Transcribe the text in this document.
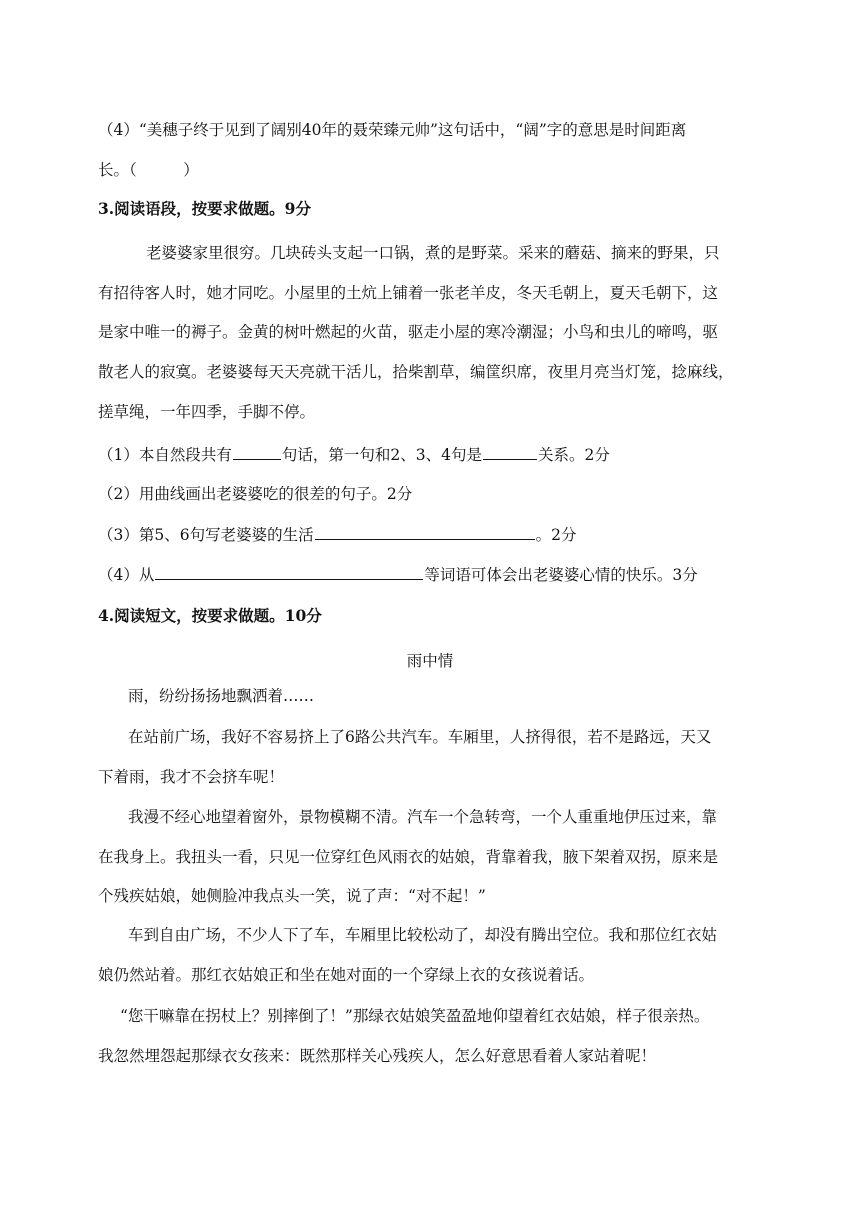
（4）“美穗子终于见到了阔别40年的聂荣臻元帅”这句话中，“阔”字的意思是时间距离
长。（　　　）
3.阅读语段，按要求做题。9分
老婆婆家里很穷。几块砖头支起一口锅，煮的是野菜。采来的蘑菇、摘来的野果，只
有招待客人时，她才同吃。小屋里的土炕上铺着一张老羊皮，冬天毛朝上，夏天毛朝下，这
是家中唯一的褥子。金黄的树叶燃起的火苗，驱走小屋的寒冷潮湿；小鸟和虫儿的啼鸣，驱
散老人的寂寞。老婆婆每天天亮就干活儿，拾柴割草，编筐织席，夜里月亮当灯笼，捻麻线，
搓草绳，一年四季，手脚不停。
（1）本自然段共有	句话，第一句和2、3、4句是	关系。2分
（2）用曲线画出老婆婆吃的很差的句子。2分
（3）第5、6句写老婆婆的生活	。2分
（4）从	等词语可体会出老婆婆心情的快乐。3分
4.阅读短文，按要求做题。10分
雨中情
雨，纷纷扬扬地飘洒着……
在站前广场，我好不容易挤上了6路公共汽车。车厢里，人挤得很，若不是路远，天又
下着雨，我才不会挤车呢！
我漫不经心地望着窗外，景物模糊不清。汽车一个急转弯，一个人重重地伊压过来，靠
在我身上。我扭头一看，只见一位穿红色风雨衣的姑娘，背靠着我，腋下架着双拐，原来是
个残疾姑娘，她侧脸冲我点头一笑，说了声：“对不起！”
车到自由广场，不少人下了车，车厢里比较松动了，却没有腾出空位。我和那位红衣姑
娘仍然站着。那红衣姑娘正和坐在她对面的一个穿绿上衣的女孩说着话。
“您干嘛靠在拐杖上？别摔倒了！”那绿衣姑娘笑盈盈地仰望着红衣姑娘，样子很亲热。
我忽然埋怨起那绿衣女孩来：既然那样关心残疾人，怎么好意思看着人家站着呢！
